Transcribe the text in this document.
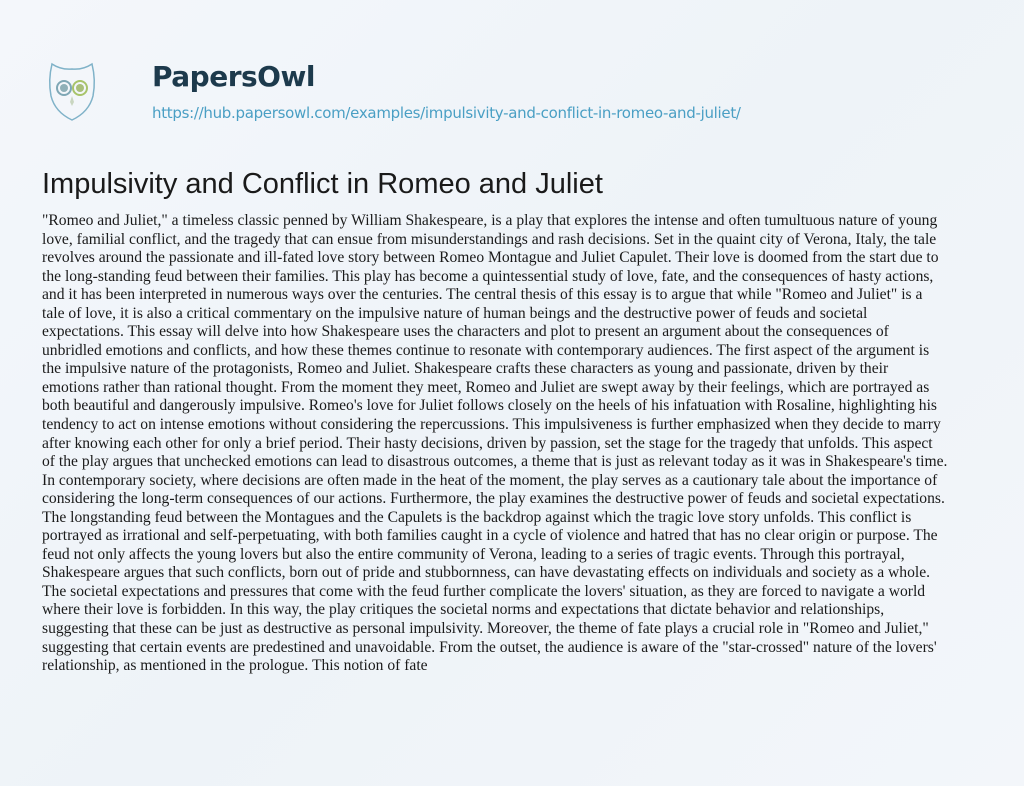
PapersOwl
https://hub.papersowl.com/examples/impulsivity-and-conflict-in-romeo-and-juliet/
Impulsivity and Conflict in Romeo and Juliet
"Romeo and Juliet," a timeless classic penned by William Shakespeare, is a play that explores the intense and often tumultuous nature of young
love, familial conflict, and the tragedy that can ensue from misunderstandings and rash decisions. Set in the quaint city of Verona, Italy, the tale
revolves around the passionate and ill-fated love story between Romeo Montague and Juliet Capulet. Their love is doomed from the start due to
the long-standing feud between their families. This play has become a quintessential study of love, fate, and the consequences of hasty actions,
and it has been interpreted in numerous ways over the centuries. The central thesis of this essay is to argue that while "Romeo and Juliet" is a
tale of love, it is also a critical commentary on the impulsive nature of human beings and the destructive power of feuds and societal
expectations. This essay will delve into how Shakespeare uses the characters and plot to present an argument about the consequences of
unbridled emotions and conflicts, and how these themes continue to resonate with contemporary audiences. The first aspect of the argument is
the impulsive nature of the protagonists, Romeo and Juliet. Shakespeare crafts these characters as young and passionate, driven by their
emotions rather than rational thought. From the moment they meet, Romeo and Juliet are swept away by their feelings, which are portrayed as
both beautiful and dangerously impulsive. Romeo's love for Juliet follows closely on the heels of his infatuation with Rosaline, highlighting his
tendency to act on intense emotions without considering the repercussions. This impulsiveness is further emphasized when they decide to marry
after knowing each other for only a brief period. Their hasty decisions, driven by passion, set the stage for the tragedy that unfolds. This aspect
of the play argues that unchecked emotions can lead to disastrous outcomes, a theme that is just as relevant today as it was in Shakespeare's time.
In contemporary society, where decisions are often made in the heat of the moment, the play serves as a cautionary tale about the importance of
considering the long-term consequences of our actions. Furthermore, the play examines the destructive power of feuds and societal expectations.
The longstanding feud between the Montagues and the Capulets is the backdrop against which the tragic love story unfolds. This conflict is
portrayed as irrational and self-perpetuating, with both families caught in a cycle of violence and hatred that has no clear origin or purpose. The
feud not only affects the young lovers but also the entire community of Verona, leading to a series of tragic events. Through this portrayal,
Shakespeare argues that such conflicts, born out of pride and stubbornness, can have devastating effects on individuals and society as a whole.
The societal expectations and pressures that come with the feud further complicate the lovers' situation, as they are forced to navigate a world
where their love is forbidden. In this way, the play critiques the societal norms and expectations that dictate behavior and relationships,
suggesting that these can be just as destructive as personal impulsivity. Moreover, the theme of fate plays a crucial role in "Romeo and Juliet,"
suggesting that certain events are predestined and unavoidable. From the outset, the audience is aware of the "star-crossed" nature of the lovers'
relationship, as mentioned in the prologue. This notion of fate
